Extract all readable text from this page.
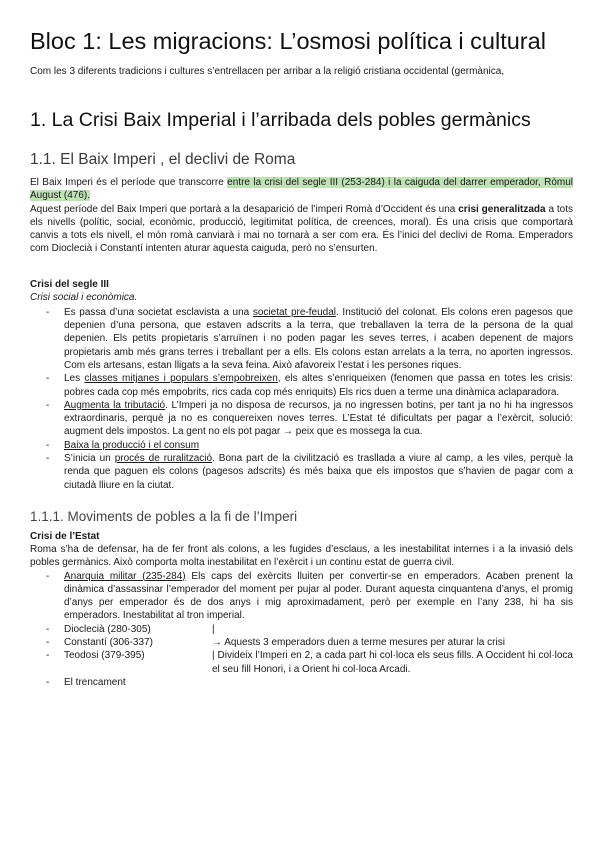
Bloc 1: Les migracions: L’osmosi política i cultural
Com les 3 diferents tradicions i cultures s’entrellacen per arribar a la religió cristiana occidental (germànica,
1. La Crisi Baix Imperial i l’arribada dels pobles germànics
1.1. El Baix Imperi , el declivi de Roma

El Baix Imperi és el període que transcorre entre la crisi del segle III (253-284) i la caiguda del darrer emperador, Ròmul August (476).

Aquest període del Baix Imperi que portarà a la desaparició de l’imperi Romà d’Occident és una crisi generalitzada a tots els nivells (polític, social, econòmic, producció, legitimitat política, de creences, moral). És una crisis que comportarà canvis a tots els nivell, el món romà canviarà i mai no tornarà a ser com era. És l’inici del declivi de Roma. Emperadors com Dioclecià i Constantí intenten aturar aquesta caiguda, però no s’ensurten.

Crisi del segle III
Crisi social i econòmica.
- Es passa d’una societat esclavista a una societat pre-feudal. Institució del colonat. Els colons eren pagesos que depenien d’una persona, que estaven adscrits a la terra, que treballaven la terra de la persona de la qual depenien. Els petits propietaris s’arruïnen i no poden pagar les seves terres, i acaben depenent de majors propietaris amb més grans terres i treballant per a ells. Els colons estan arrelats a la terra, no aporten ingressos. Com els artesans, estan lligats a la seva feina. Això afavoreix l’estat i les persones riques.
- Les classes mitjanes i populars s’empobreixen, els altes s’enriqueixen (fenomen que passa en totes les crisis: pobres cada cop més empobrits, rics cada cop més enriquits) Els rics duen a terme una dinàmica aclaparadora.
- Augmenta la tributació. L’Imperi ja no disposa de recursos, ja no ingressen botins, per tant ja no hi ha ingressos extraordinaris, perquè ja no es conquereixen noves terres. L’Estat té dificultats per pagar a l’exèrcit, solució: augment dels impostos. La gent no els pot pagar → peix que es mossega la cua.
- Baixa la producció i el consum
- S’inicia un procés de ruralització. Bona part de la civilització es trasllada a viure al camp, a les viles, perquè la renda que paguen els colons (pagesos adscrits) és més baixa que els impostos que s’havien de pagar com a ciutadà lliure en la ciutat.
1.1.1. Moviments de pobles a la fi de l’Imperi
Crisi de l’Estat

Roma s’ha de defensar, ha de fer front als colons, a les fugides d’esclaus, a les inestabilitat internes i a la invasió dels pobles germànics. Això comporta molta inestabilitat en l’exèrcit i un continu estat de guerra civil.

- Anarquia militar (235-284) Els caps del exèrcits lluiten per convertir-se en emperadors. Acaben prenent la dinàmica d’assassinar l’emperador del moment per pujar al poder. Durant aquesta cinquantena d’anys, el promig d’anys per emperador és de dos anys i mig aproximadament, però per exemple en l’any 238, hi ha sis emperadors. Inestabilitat al tron imperial.
- Dioclecià (280-305)	|
- Constantí (306-337)	→ Aquests 3 emperadors duen a terme mesures per aturar la crisi
- Teodosi (379-395)	| Divideix l’Imperi en 2, a cada part hi col·loca els seus fills. A Occident hi col·loca el seu fill Honori, i a Orient hi col·loca Arcadi.
- El trencament
